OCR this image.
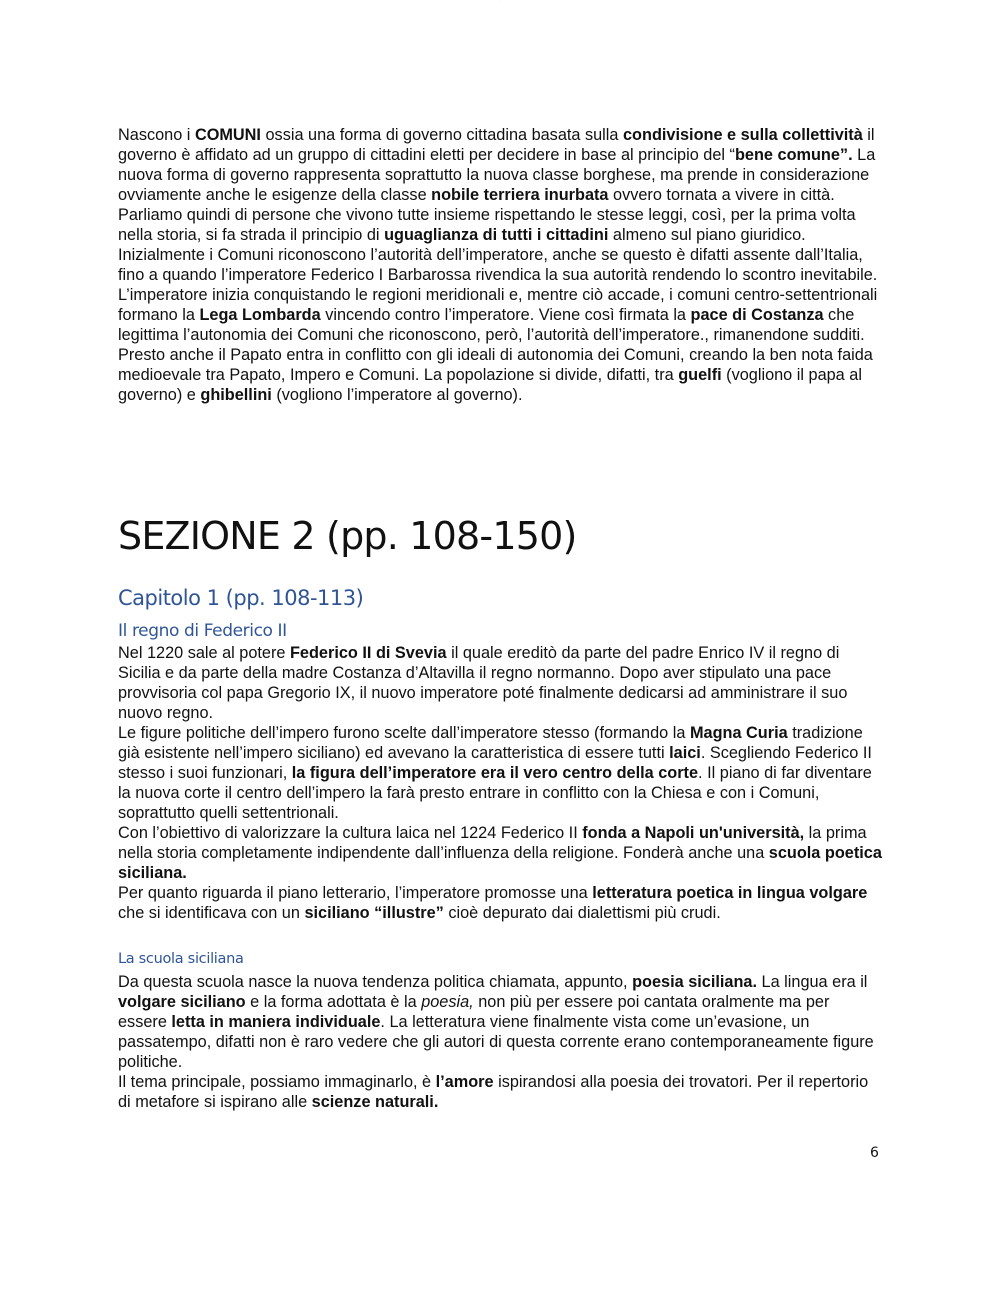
· · ·

Nascono i COMUNI ossia una forma di governo cittadina basata sulla condivisione e sulla collettività il governo è affidato ad un gruppo di cittadini eletti per decidere in base al principio del “bene comune”. La nuova forma di governo rappresenta soprattutto la nuova classe borghese, ma prende in considerazione ovviamente anche le esigenze della classe nobile terriera inurbata ovvero tornata a vivere in città.

Parliamo quindi di persone che vivono tutte insieme rispettando le stesse leggi, così, per la prima volta nella storia, si fa strada il principio di uguaglianza di tutti i cittadini almeno sul piano giuridico.

Inizialmente i Comuni riconoscono l’autorità dell’imperatore, anche se questo è difatti assente dall’Italia, fino a quando l’imperatore Federico I Barbarossa rivendica la sua autorità rendendo lo scontro inevitabile. L’imperatore inizia conquistando le regioni meridionali e, mentre ciò accade, i comuni centro-settentrionali formano la Lega Lombarda vincendo contro l’imperatore. Viene così firmata la pace di Costanza che legittima l’autonomia dei Comuni che riconoscono, però, l’autorità dell’imperatore., rimanendone sudditi.

Presto anche il Papato entra in conflitto con gli ideali di autonomia dei Comuni, creando la ben nota faida medioevale tra Papato, Impero e Comuni. La popolazione si divide, difatti, tra guelfi (vogliono il papa al governo) e ghibellini (vogliono l’imperatore al governo).

SEZIONE 2 (pp. 108-150)
Capitolo 1 (pp. 108-113)
Il regno di Federico II

Nel 1220 sale al potere Federico II di Svevia il quale ereditò da parte del padre Enrico IV il regno di Sicilia e da parte della madre Costanza d’Altavilla il regno normanno. Dopo aver stipulato una pace provvisoria col papa Gregorio IX, il nuovo imperatore poté finalmente dedicarsi ad amministrare il suo nuovo regno.

Le figure politiche dell’impero furono scelte dall’imperatore stesso (formando la Magna Curia tradizione già esistente nell’impero siciliano) ed avevano la caratteristica di essere tutti laici. Scegliendo Federico II stesso i suoi funzionari, la figura dell’imperatore era il vero centro della corte. Il piano di far diventare la nuova corte il centro dell’impero la farà presto entrare in conflitto con la Chiesa e con i Comuni, soprattutto quelli settentrionali.

Con l’obiettivo di valorizzare la cultura laica nel 1224 Federico II fonda a Napoli un'università, la prima nella storia completamente indipendente dall’influenza della religione. Fonderà anche una scuola poetica siciliana.

Per quanto riguarda il piano letterario, l’imperatore promosse una letteratura poetica in lingua volgare che si identificava con un siciliano “illustre” cioè depurato dai dialettismi più crudi.

La scuola siciliana

Da questa scuola nasce la nuova tendenza politica chiamata, appunto, poesia siciliana. La lingua era il volgare siciliano e la forma adottata è la poesia, non più per essere poi cantata oralmente ma per essere letta in maniera individuale. La letteratura viene finalmente vista come un’evasione, un passatempo, difatti non è raro vedere che gli autori di questa corrente erano contemporaneamente figure politiche.

Il tema principale, possiamo immaginarlo, è l’amore ispirandosi alla poesia dei trovatori. Per il repertorio di metafore si ispirano alle scienze naturali.

6
